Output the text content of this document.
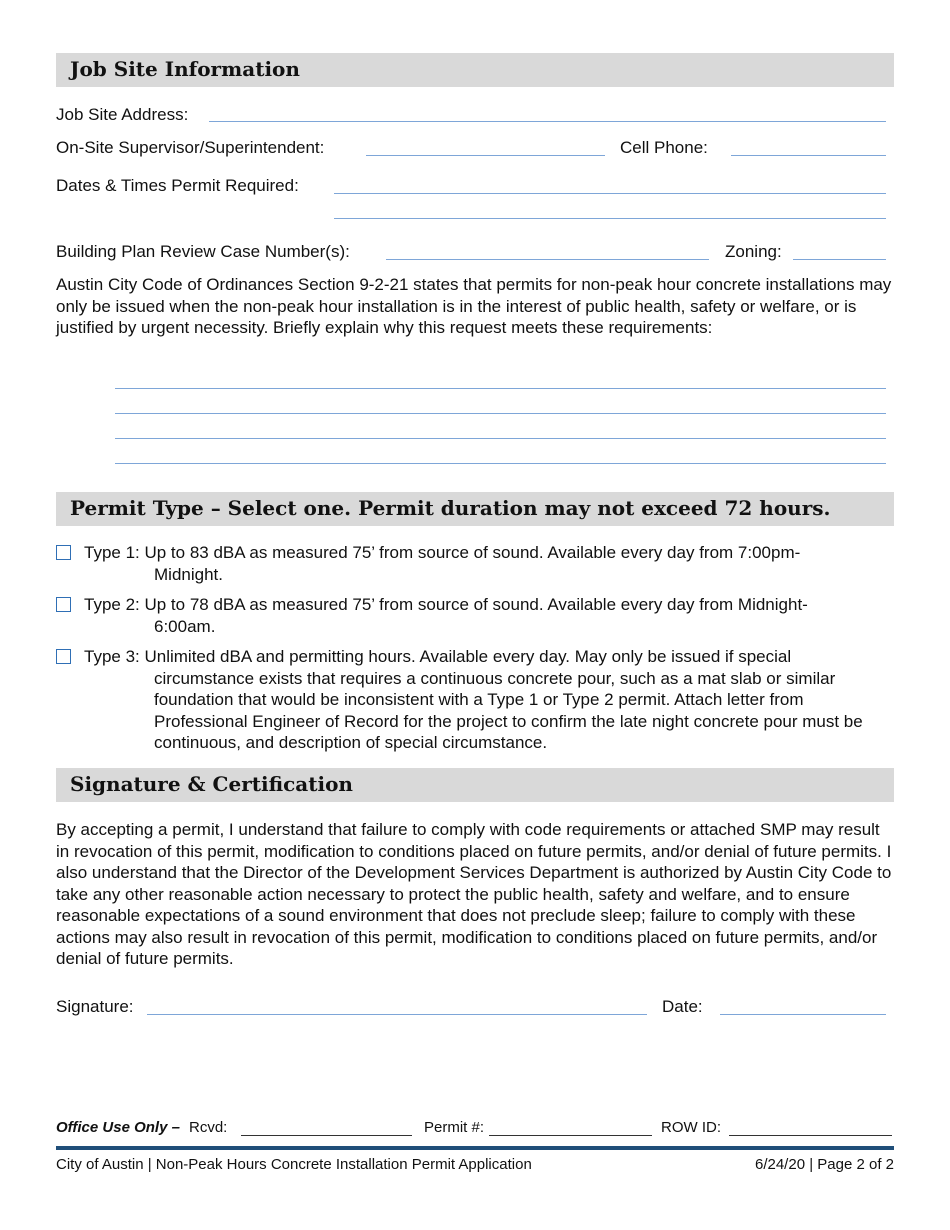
Job Site Information
Job Site Address:
On-Site Supervisor/Superintendent:	Cell Phone:
Dates & Times Permit Required:
Building Plan Review Case Number(s):	Zoning:
Austin City Code of Ordinances Section 9-2-21 states that permits for non-peak hour concrete installations may only be issued when the non-peak hour installation is in the interest of public health, safety or welfare, or is justified by urgent necessity. Briefly explain why this request meets these requirements:
Permit Type – Select one. Permit duration may not exceed 72 hours.
Type 1: Up to 83 dBA as measured 75’ from source of sound. Available every day from 7:00pm-
Midnight.
Type 2: Up to 78 dBA as measured 75’ from source of sound. Available every day from Midnight-
6:00am.
Type 3: Unlimited dBA and permitting hours. Available every day. May only be issued if special
circumstance exists that requires a continuous concrete pour, such as a mat slab or similar foundation that would be inconsistent with a Type 1 or Type 2 permit. Attach letter from Professional Engineer of Record for the project to confirm the late night concrete pour must be continuous, and description of special circumstance.
Signature & Certification
By accepting a permit, I understand that failure to comply with code requirements or attached SMP may result in revocation of this permit, modification to conditions placed on future permits, and/or denial of future permits. I also understand that the Director of the Development Services Department is authorized by Austin City Code to take any other reasonable action necessary to protect the public health, safety and welfare, and to ensure reasonable expectations of a sound environment that does not preclude sleep; failure to comply with these actions may also result in revocation of this permit, modification to conditions placed on future permits, and/or denial of future permits.
Signature:	Date:
Office Use Only – Rcvd:	Permit #:	ROW ID:
City of Austin | Non-Peak Hours Concrete Installation Permit Application	6/24/20 | Page 2 of 2
